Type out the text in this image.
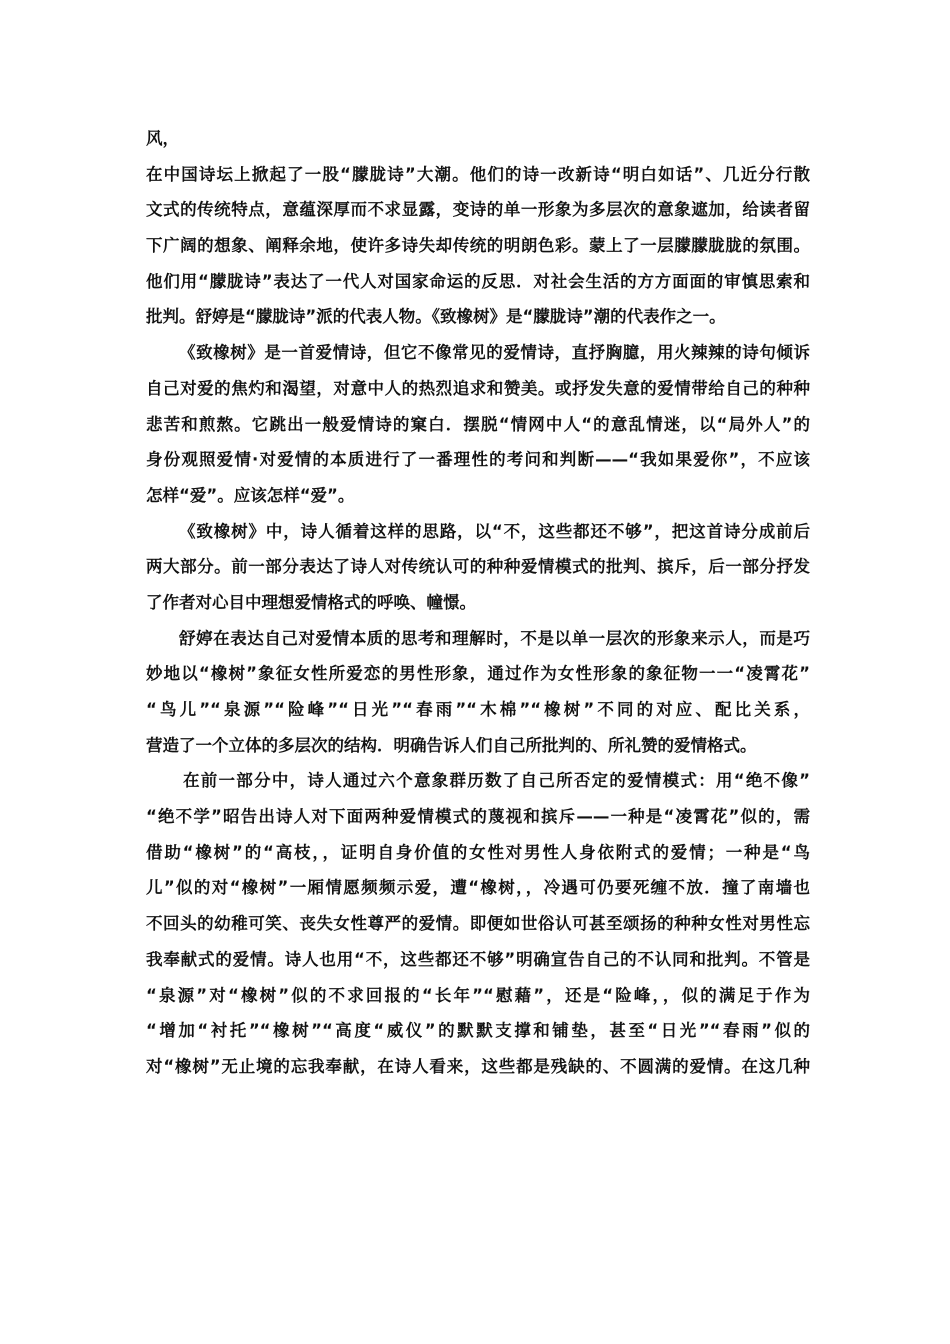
风，
在中国诗坛上掀起了一股“朦胧诗”大潮。他们的诗一改新诗“明白如话”、几近分行散
文式的传统特点，意蕴深厚而不求显露，变诗的单一形象为多层次的意象遮加，给读者留
下广阔的想象、阐释余地，使许多诗失却传统的明朗色彩。蒙上了一层朦朦胧胧的氛围。
他们用“朦胧诗”表达了一代人对国家命运的反思．对社会生活的方方面面的审慎思索和
批判。舒婷是“朦胧诗”派的代表人物。《致橡树》是“朦胧诗”潮的代表作之一。
《致橡树》是一首爱情诗，但它不像常见的爱情诗，直抒胸臆，用火辣辣的诗句倾诉
自己对爱的焦灼和渴望，对意中人的热烈追求和赞美。或抒发失意的爱情带给自己的种种
悲苦和煎熬。它跳出一般爱情诗的窠白．摆脱“情网中人“的意乱情迷，以“局外人”的
身份观照爱情·对爱情的本质进行了一番理性的考问和判断——“我如果爱你”，不应该
怎样“爱”。应该怎样“爱”。
《致橡树》中，诗人循着这样的思路，以“不，这些都还不够”，把这首诗分成前后
两大部分。前一部分表达了诗人对传统认可的种种爱情模式的批判、摈斥，后一部分抒发
了作者对心目中理想爱情格式的呼唤、幢憬。
舒婷在表达自己对爱情本质的思考和理解时，不是以单一层次的形象来示人，而是巧
妙地以“橡树”象征女性所爱恋的男性形象，通过作为女性形象的象征物一一“凌霄花”
“鸟儿”“泉源”“险峰”“日光”“春雨”“木棉”“橡树”不同的对应、配比关系，
营造了一个立体的多层次的结构．明确告诉人们自己所批判的、所礼赞的爱情格式。
在前一部分中，诗人通过六个意象群历数了自己所否定的爱情模式：用“绝不像”
“绝不学”昭告出诗人对下面两种爱情模式的蔑视和摈斥——一种是“凌霄花”似的，需
借助“橡树”的“高枝，，证明自身价值的女性对男性人身依附式的爱情；一种是“鸟
儿”似的对“橡树”一厢情愿频频示爱，遭“橡树，，冷遇可仍要死缠不放．撞了南墙也
不回头的幼稚可笑、丧失女性尊严的爱情。即便如世俗认可甚至颂扬的种种女性对男性忘
我奉献式的爱情。诗人也用“不，这些都还不够”明确宣告自己的不认同和批判。不管是
“泉源”对“橡树”似的不求回报的“长年”“慰藉”，还是“险峰，，似的满足于作为
“增加“衬托”“橡树”“高度“威仪”的默默支撑和铺垫，甚至“日光”“春雨”似的
对“橡树”无止境的忘我奉献，在诗人看来，这些都是残缺的、不圆满的爱情。在这几种
